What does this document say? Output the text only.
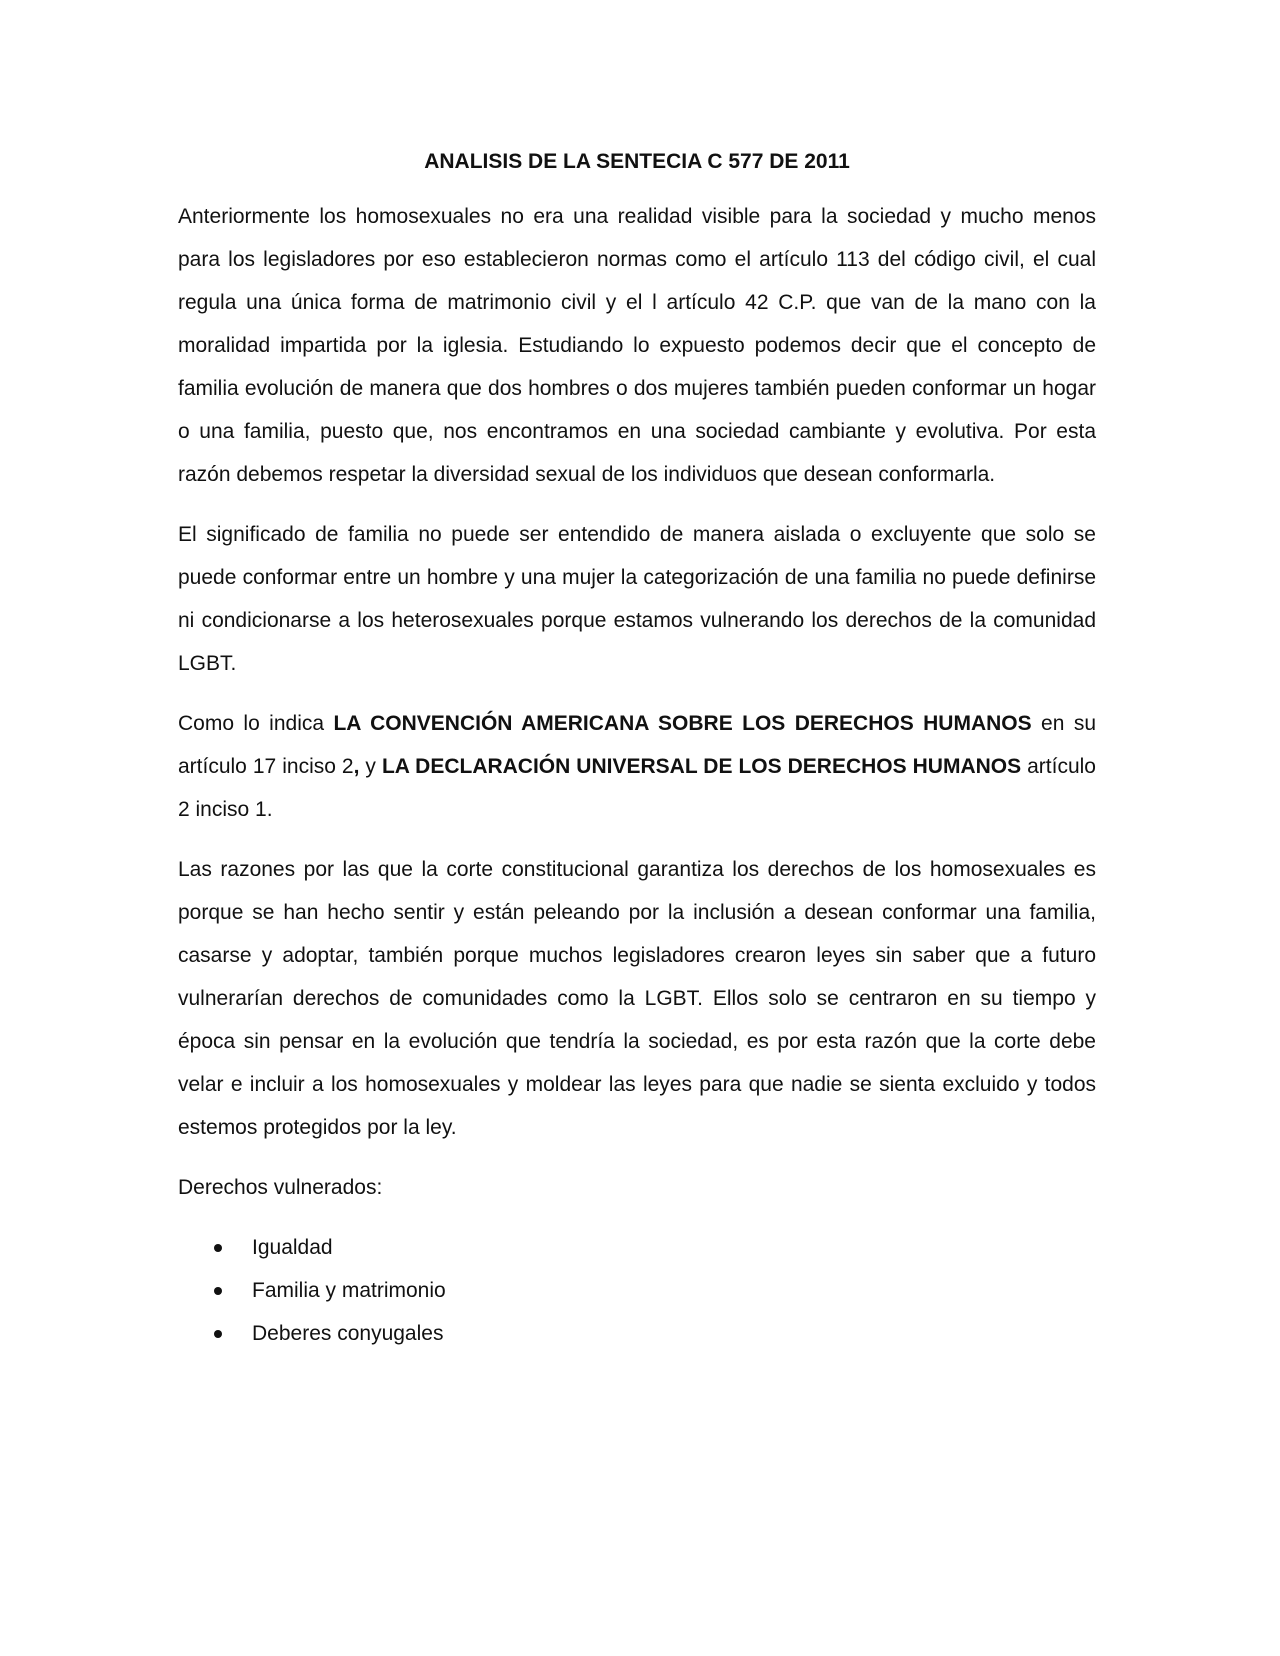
ANALISIS DE LA SENTECIA C 577 DE 2011

Anteriormente los homosexuales no era una realidad visible para la sociedad y mucho menos para los legisladores por eso establecieron normas como el artículo 113 del código civil, el cual regula una única forma de matrimonio civil y el l artículo 42 C.P. que van de la mano con la moralidad impartida por la iglesia. Estudiando lo expuesto podemos decir que el concepto de familia evolución de manera que dos hombres o dos mujeres también pueden conformar un hogar o una familia, puesto que, nos encontramos en una sociedad cambiante y evolutiva. Por esta razón debemos respetar la diversidad sexual de los individuos que desean conformarla.

El significado de familia no puede ser entendido de manera aislada o excluyente que solo se puede conformar entre un hombre y una mujer la categorización de una familia no puede definirse ni condicionarse a los heterosexuales porque estamos vulnerando los derechos de la comunidad LGBT.

Como lo indica LA CONVENCIÓN AMERICANA SOBRE LOS DERECHOS HUMANOS en su artículo 17 inciso 2, y LA DECLARACIÓN UNIVERSAL DE LOS DERECHOS HUMANOS artículo 2 inciso 1.

Las razones por las que la corte constitucional garantiza los derechos de los homosexuales es porque se han hecho sentir y están peleando por la inclusión a desean conformar una familia, casarse y adoptar, también porque muchos legisladores crearon leyes sin saber que a futuro vulnerarían derechos de comunidades como la LGBT. Ellos solo se centraron en su tiempo y época sin pensar en la evolución que tendría la sociedad, es por esta razón que la corte debe velar e incluir a los homosexuales y moldear las leyes para que nadie se sienta excluido y todos estemos protegidos por la ley.

Derechos vulnerados:

Igualdad
Familia y matrimonio
Deberes conyugales
